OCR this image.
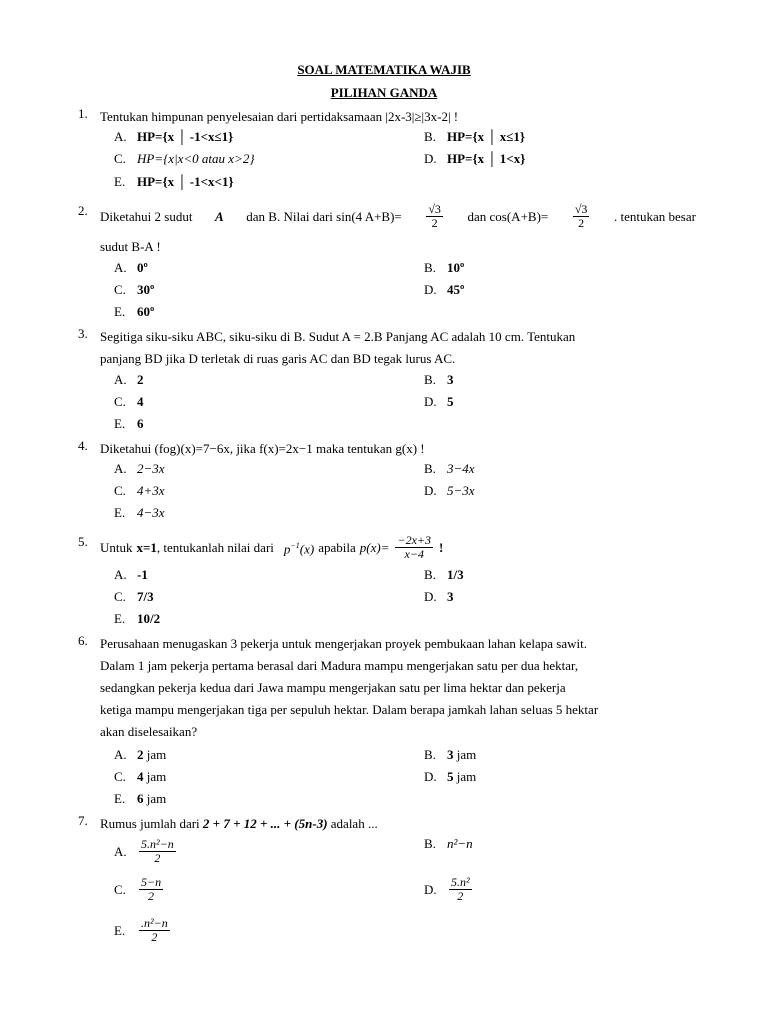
SOAL MATEMATIKA WAJIB
PILIHAN GANDA
1. Tentukan himpunan penyelesaian dari pertidaksamaan |2x-3|≥|3x-2| !
A. HP={x │ -1<x≤1}	B. HP={x │ x≤1}
C. HP={x|x<0 atau x>2}	D. HP={x │ 1<x}
E. HP={x │ -1<x<1}
2. Diketahui 2 sudut A dan B. Nilai dari sin(4 $A+B)= \frac{√3}{2}$ dan $\cos(A+B)= \frac{√3}{2}$ . tentukan besar
sudut B-A !
A. 0º	B. 10º
C. 30º	D. 45º
E. 60º
3. Segitiga siku-siku ABC, siku-siku di B. Sudut A = 2.B Panjang AC adalah 10 cm. Tentukan
panjang BD jika D terletak di ruas garis AC dan BD tegak lurus AC.
A. 2	B. 3
C. 4	D. 5
E. 6
4. Diketahui (fog)(x)=7−6x, jika f(x)=2x−1 maka tentukan g(x) !
A. 2−3x	B. 3−4x
C. 4+3x	D. 5−3x
E. 4−3x
5. Untuk x=1 , tentukanlah nilai dari $p^{-1}(x)$ apabila $p(x)= \frac{-2x+3}{x-4}$ !
A. -1	B. 1/3
C. 7/3	D. 3
E. 10/2
6. Perusahaan menugaskan 3 pekerja untuk mengerjakan proyek pembukaan lahan kelapa sawit.
Dalam 1 jam pekerja pertama berasal dari Madura mampu mengerjakan satu per dua hektar,
sedangkan pekerja kedua dari Jawa mampu mengerjakan satu per lima hektar dan pekerja
ketiga mampu mengerjakan tiga per sepuluh hektar. Dalam berapa jamkah lahan seluas 5 hektar
akan diselesaikan?
A. 2 jam	B. 3 jam
C. 4 jam	D. 5 jam
E. 6 jam
7. Rumus jumlah dari 2 + 7 + 12 + ... + (5n-3) adalah ...
A.	$\frac{\text{5.n²−n}}{2}$	B. n²−n
C.	$\frac{5-n}{2}$	D.	$\frac{\text{5.n²}}{2}$
E.	$\frac{\text{.n²−n}}{2}$
